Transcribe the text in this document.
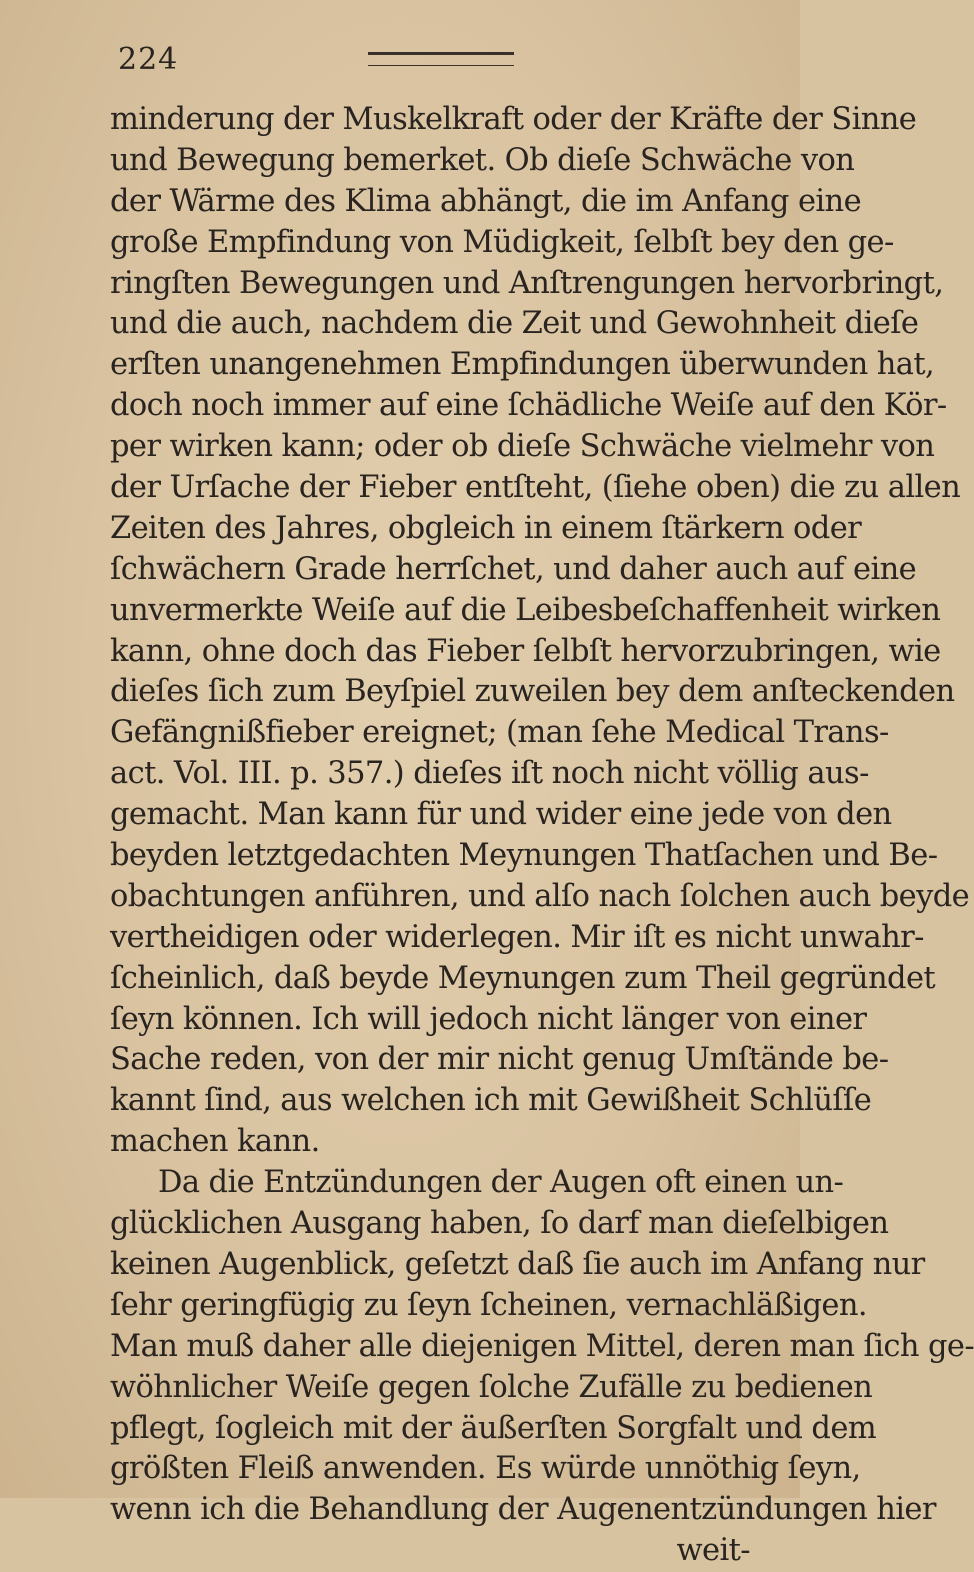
224
minderung der Muskelkraft oder der Kräfte der Sinne
und Bewegung bemerket. Ob dieſe Schwäche von
der Wärme des Klima abhängt, die im Anfang eine
große Empfindung von Müdigkeit, ſelbſt bey den ge-
ringſten Bewegungen und Anſtrengungen hervorbringt,
und die auch, nachdem die Zeit und Gewohnheit dieſe
erſten unangenehmen Empfindungen überwunden hat,
doch noch immer auf eine ſchädliche Weiſe auf den Kör-
per wirken kann; oder ob dieſe Schwäche vielmehr von
der Urſache der Fieber entſteht, (ſiehe oben) die zu allen
Zeiten des Jahres, obgleich in einem ſtärkern oder
ſchwächern Grade herrſchet, und daher auch auf eine
unvermerkte Weiſe auf die Leibesbeſchaffenheit wirken
kann, ohne doch das Fieber ſelbſt hervorzubringen, wie
dieſes ſich zum Beyſpiel zuweilen bey dem anſteckenden
Gefängnißfieber ereignet; (man ſehe Medical Trans-
act. Vol. III. p. 357.) dieſes iſt noch nicht völlig aus-
gemacht. Man kann für und wider eine jede von den
beyden letztgedachten Meynungen Thatſachen und Be-
obachtungen anführen, und alſo nach ſolchen auch beyde
vertheidigen oder widerlegen. Mir iſt es nicht unwahr-
ſcheinlich, daß beyde Meynungen zum Theil gegründet
ſeyn können. Ich will jedoch nicht länger von einer
Sache reden, von der mir nicht genug Umſtände be-
kannt ſind, aus welchen ich mit Gewißheit Schlüſſe
machen kann.
Da die Entzündungen der Augen oft einen un-
glücklichen Ausgang haben, ſo darf man dieſelbigen
keinen Augenblick, geſetzt daß ſie auch im Anfang nur
ſehr geringfügig zu ſeyn ſcheinen, vernachläßigen.
Man muß daher alle diejenigen Mittel, deren man ſich ge-
wöhnlicher Weiſe gegen ſolche Zufälle zu bedienen
pflegt, ſogleich mit der äußerſten Sorgfalt und dem
größten Fleiß anwenden. Es würde unnöthig ſeyn,
wenn ich die Behandlung der Augenentzündungen hier
weit-
